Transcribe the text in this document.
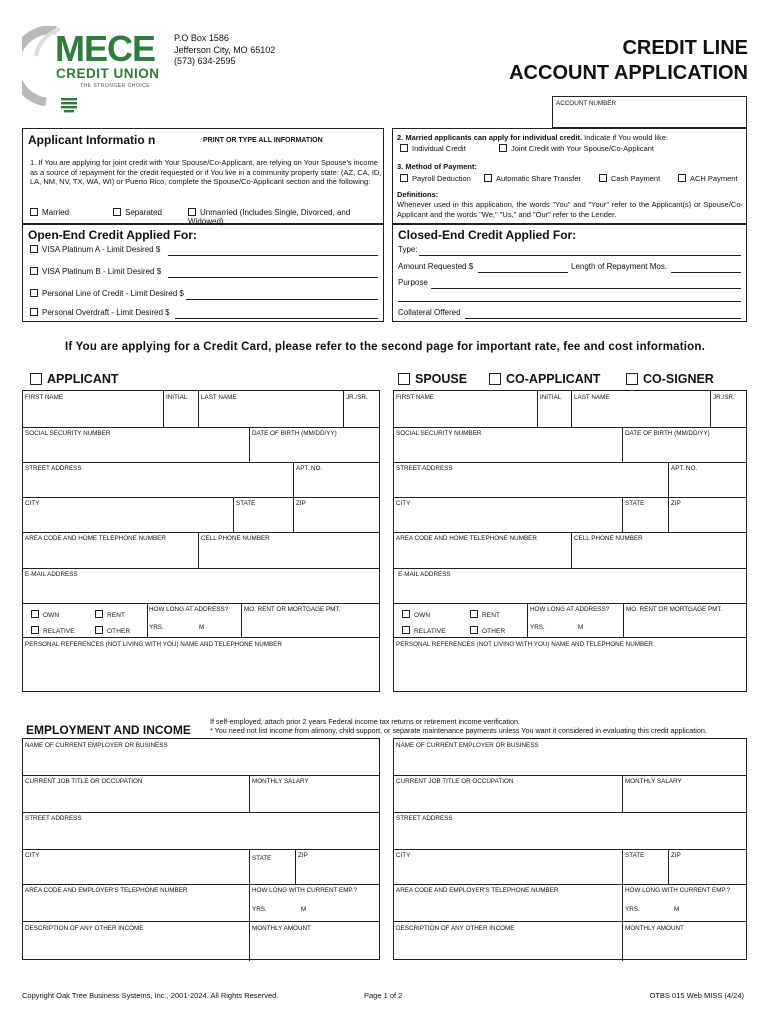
MECE
CREDIT UNION
THE STRONGER CHOICE
P.O Box 1586
Jefferson City, MO 65102
(573) 634-2595
CREDIT LINE
ACCOUNT APPLICATION
ACCOUNT NUMBER
Applicant Informatio n	PRINT OR TYPE ALL INFORMATION
1. If You are applying for joint credit with Your Spouse/Co-Applicant, are relying on Your Spouse's income as a source of repayment for the credit requested or if You live in a community property state: (AZ, CA, ID, LA, NM, NV, TX, WA, WI) or Puerto Rico, complete the Spouse/Co-Applicant section and the following:
Married	Separated	Unmarried (Includes Single, Divorced, and Widowed)
2. Married applicants can apply for individual credit. Indicate if You would like:
Individual Credit	Joint Credit with Your Spouse/Co-Applicant
3. Method of Payment:
Payroll Deduction	Automatic Share Transfer	Cash Payment	ACH Payment
Definitions:
Whenever used in this application, the words "You" and "Your" refer to the Applicant(s) or Spouse/Co-Applicant and the words "We," "Us," and "Our" refer to the Lender.
Open-End Credit Applied For:
VISA Platinum A - Limit Desired $
VISA Platinum B - Limit Desired $
Personal Line of Credit - Limit Desired $
Personal Overdraft - Limit Desired $
Closed-End Credit Applied For:
Type:
Amount Requested $	Length of Repayment Mos.
Purpose
Collateral Offered
If You are applying for a Credit Card, please refer to the second page for important rate, fee and cost information.
APPLICANT	SPOUSE	CO-APPLICANT	CO-SIGNER
FIRST NAME	INITIAL LAST NAME	JR./SR.
SOCIAL SECURITY NUMBER	DATE OF BIRTH (MM/DD/YY)
STREET ADDRESS	APT. NO.
CITY	STATE	ZIP
AREA CODE AND HOME TELEPHONE NUMBER	CELL PHONE NUMBER
E-MAIL ADDRESS
OWN	RENT
RELATIVE	OTHER
HOW LONG AT ADDRESS?
YRS.	M
MO. RENT OR MORTGAGE PMT.
PERSONAL REFERENCES (NOT LIVING WITH YOU) NAME AND TELEPHONE NUMBER
FIRST NAME	INITIAL LAST NAME	JR./SR.
SOCIAL SECURITY NUMBER	DATE OF BIRTH (MM/DD/YY)
STREET ADDRESS	APT. NO.
CITY	STATE	ZIP
AREA CODE AND HOME TELEPHONE NUMBER	CELL PHONE NUMBER
E-MAIL ADDRESS
OWN	RENT
RELATIVE	OTHER
HOW LONG AT ADDRESS?
YRS.	M
MO. RENT OR MORTGAGE PMT.
PERSONAL REFERENCES (NOT LIVING WITH YOU) NAME AND TELEPHONE NUMBER
EMPLOYMENT AND INCOME
If self-employed, attach prior 2 years Federal income tax returns or retirement income verification.
* You need not list income from alimony, child support, or separate maintenance payments unless You want it considered in evaluating this credit application.
NAME OF CURRENT EMPLOYER OR BUSINESS
CURRENT JOB TITLE OR OCCUPATION	MONTHLY SALARY
STREET ADDRESS
CITY	STATE	ZIP
AREA CODE AND EMPLOYER'S TELEPHONE NUMBER	HOW LONG WITH CURRENT EMP.?
YRS.	M
DESCRIPTION OF ANY OTHER INCOME	MONTHLY AMOUNT
NAME OF CURRENT EMPLOYER OR BUSINESS
CURRENT JOB TITLE OR OCCUPATION	MONTHLY SALARY
STREET ADDRESS
CITY	STATE	ZIP
AREA CODE AND EMPLOYER'S TELEPHONE NUMBER	HOW LONG WITH CURRENT EMP.?
YRS.	M
DESCRIPTION OF ANY OTHER INCOME	MONTHLY AMOUNT
Copyright Oak Tree Business Systems, Inc., 2001-2024. All Rights Reserved.	Page 1 of 2	OTBS 015 Web MISS (4/24)
